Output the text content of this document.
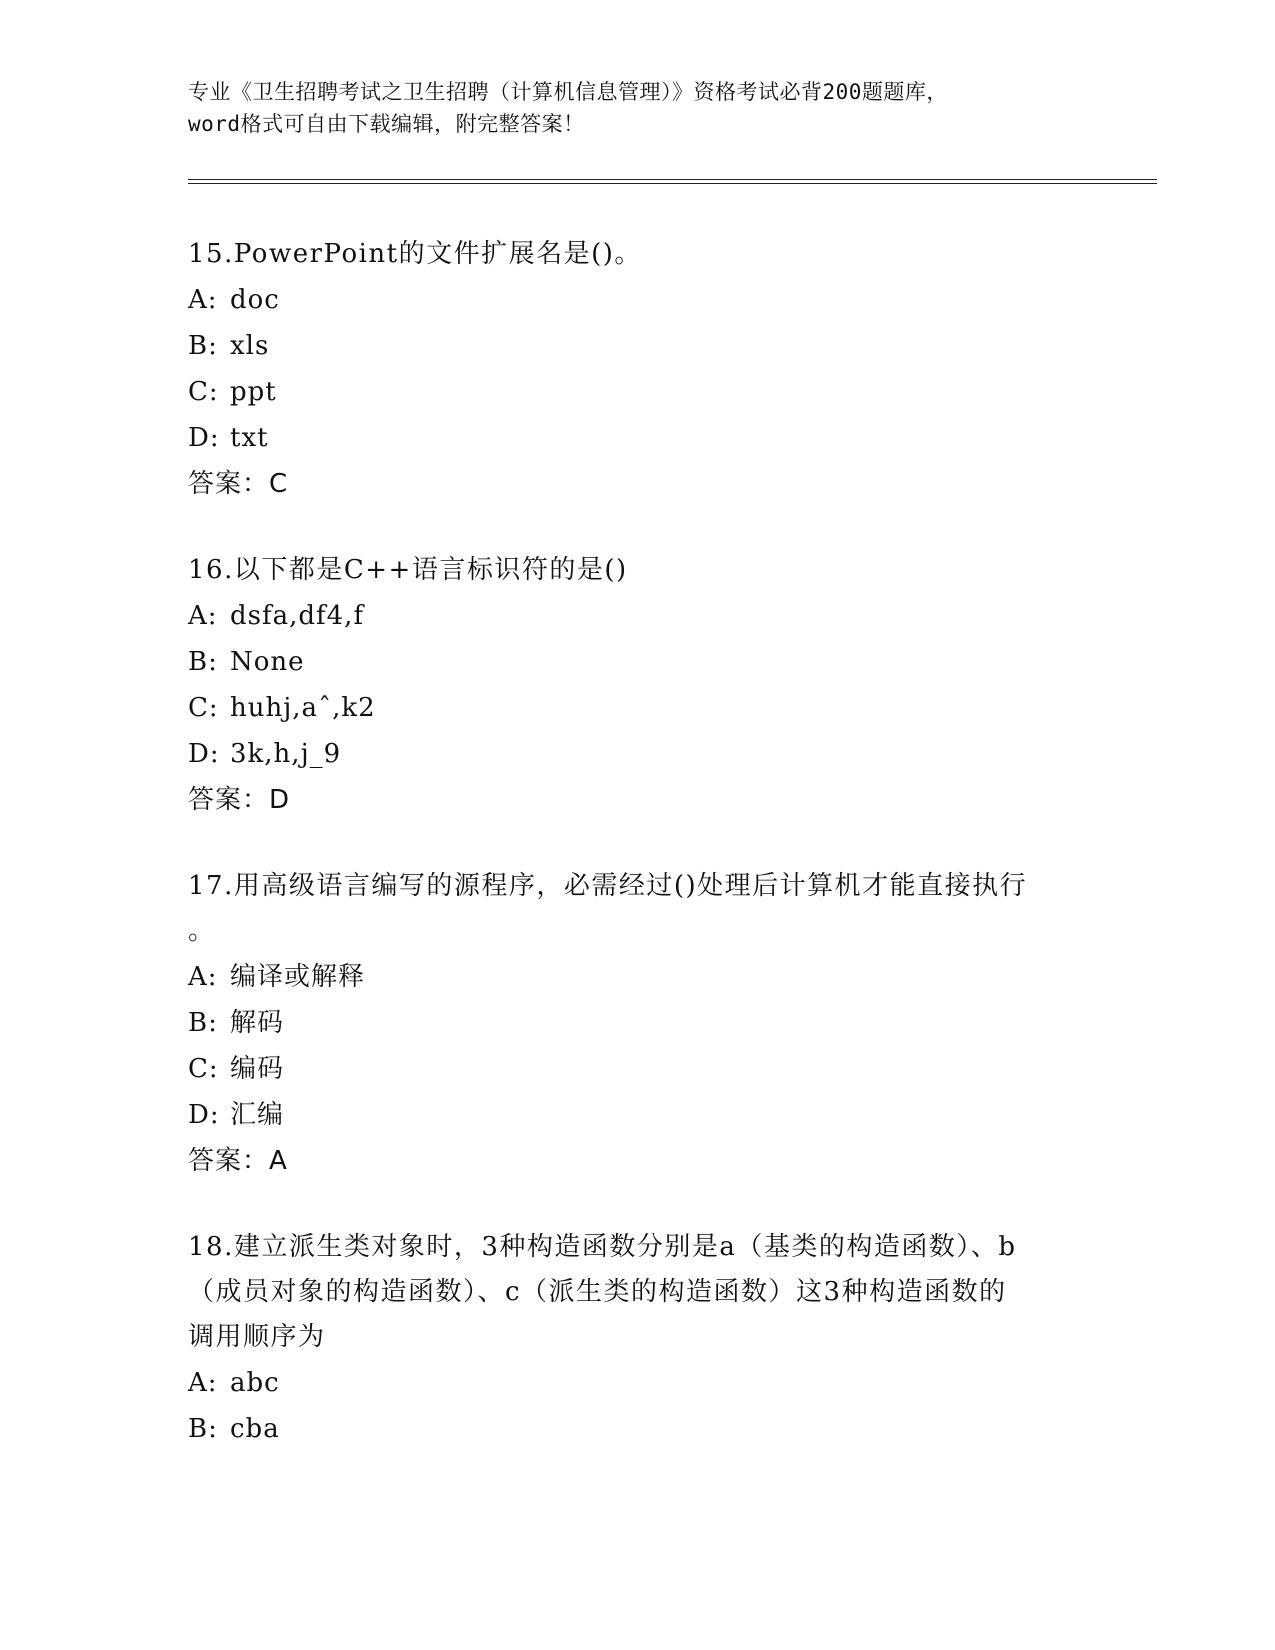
专业《卫生招聘考试之卫生招聘（计算机信息管理）》资格考试必背200题题库，
word格式可自由下载编辑，附完整答案！
15.PowerPoint的文件扩展名是()。
A: doc
B: xls
C: ppt
D: txt
答案：C
16.以下都是C++语言标识符的是()
A: dsfa,df4,f
B: None
C: huhj,aˆ,k2
D: 3k,h,j_9
答案：D
17.用高级语言编写的源程序，必需经过()处理后计算机才能直接执行
。
A: 编译或解释
B: 解码
C: 编码
D: 汇编
答案：A
18.建立派生类对象时，3种构造函数分别是a（基类的构造函数）、b
（成员对象的构造函数）、c（派生类的构造函数）这3种构造函数的
调用顺序为
A: abc
B: cba
